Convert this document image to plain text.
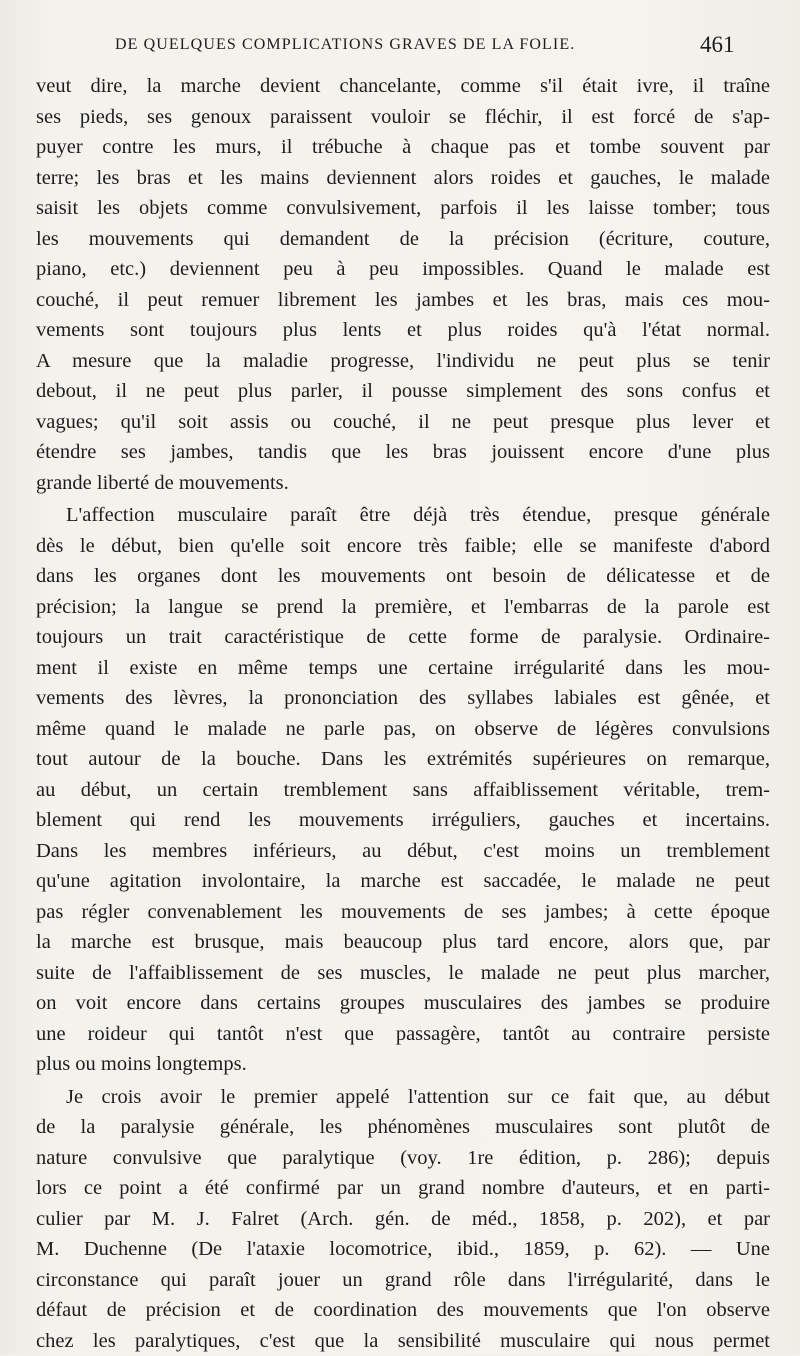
DE QUELQUES COMPLICATIONS GRAVES DE LA FOLIE.	461
veut dire, la marche devient chancelante, comme s'il était ivre, il traîne
ses pieds, ses genoux paraissent vouloir se fléchir, il est forcé de s'ap-
puyer contre les murs, il trébuche à chaque pas et tombe souvent par
terre; les bras et les mains deviennent alors roides et gauches, le malade
saisit les objets comme convulsivement, parfois il les laisse tomber; tous
les mouvements qui demandent de la précision (écriture, couture,
piano, etc.) deviennent peu à peu impossibles. Quand le malade est
couché, il peut remuer librement les jambes et les bras, mais ces mou-
vements sont toujours plus lents et plus roides qu'à l'état normal.
A mesure que la maladie progresse, l'individu ne peut plus se tenir
debout, il ne peut plus parler, il pousse simplement des sons confus et
vagues; qu'il soit assis ou couché, il ne peut presque plus lever et
étendre ses jambes, tandis que les bras jouissent encore d'une plus
grande liberté de mouvements.
L'affection musculaire paraît être déjà très étendue, presque générale
dès le début, bien qu'elle soit encore très faible; elle se manifeste d'abord
dans les organes dont les mouvements ont besoin de délicatesse et de
précision; la langue se prend la première, et l'embarras de la parole est
toujours un trait caractéristique de cette forme de paralysie. Ordinaire-
ment il existe en même temps une certaine irrégularité dans les mou-
vements des lèvres, la prononciation des syllabes labiales est gênée, et
même quand le malade ne parle pas, on observe de légères convulsions
tout autour de la bouche. Dans les extrémités supérieures on remarque,
au début, un certain tremblement sans affaiblissement véritable, trem-
blement qui rend les mouvements irréguliers, gauches et incertains.
Dans les membres inférieurs, au début, c'est moins un tremblement
qu'une agitation involontaire, la marche est saccadée, le malade ne peut
pas régler convenablement les mouvements de ses jambes; à cette époque
la marche est brusque, mais beaucoup plus tard encore, alors que, par
suite de l'affaiblissement de ses muscles, le malade ne peut plus marcher,
on voit encore dans certains groupes musculaires des jambes se produire
une roideur qui tantôt n'est que passagère, tantôt au contraire persiste
plus ou moins longtemps.
Je crois avoir le premier appelé l'attention sur ce fait que, au début
de la paralysie générale, les phénomènes musculaires sont plutôt de
nature convulsive que paralytique (voy. 1re édition, p. 286); depuis
lors ce point a été confirmé par un grand nombre d'auteurs, et en parti-
culier par M. J. Falret (Arch. gén. de méd., 1858, p. 202), et par
M. Duchenne (De l'ataxie locomotrice, ibid., 1859, p. 62). — Une
circonstance qui paraît jouer un grand rôle dans l'irrégularité, dans le
défaut de précision et de coordination des mouvements que l'on observe
chez les paralytiques, c'est que la sensibilité musculaire qui nous permet
